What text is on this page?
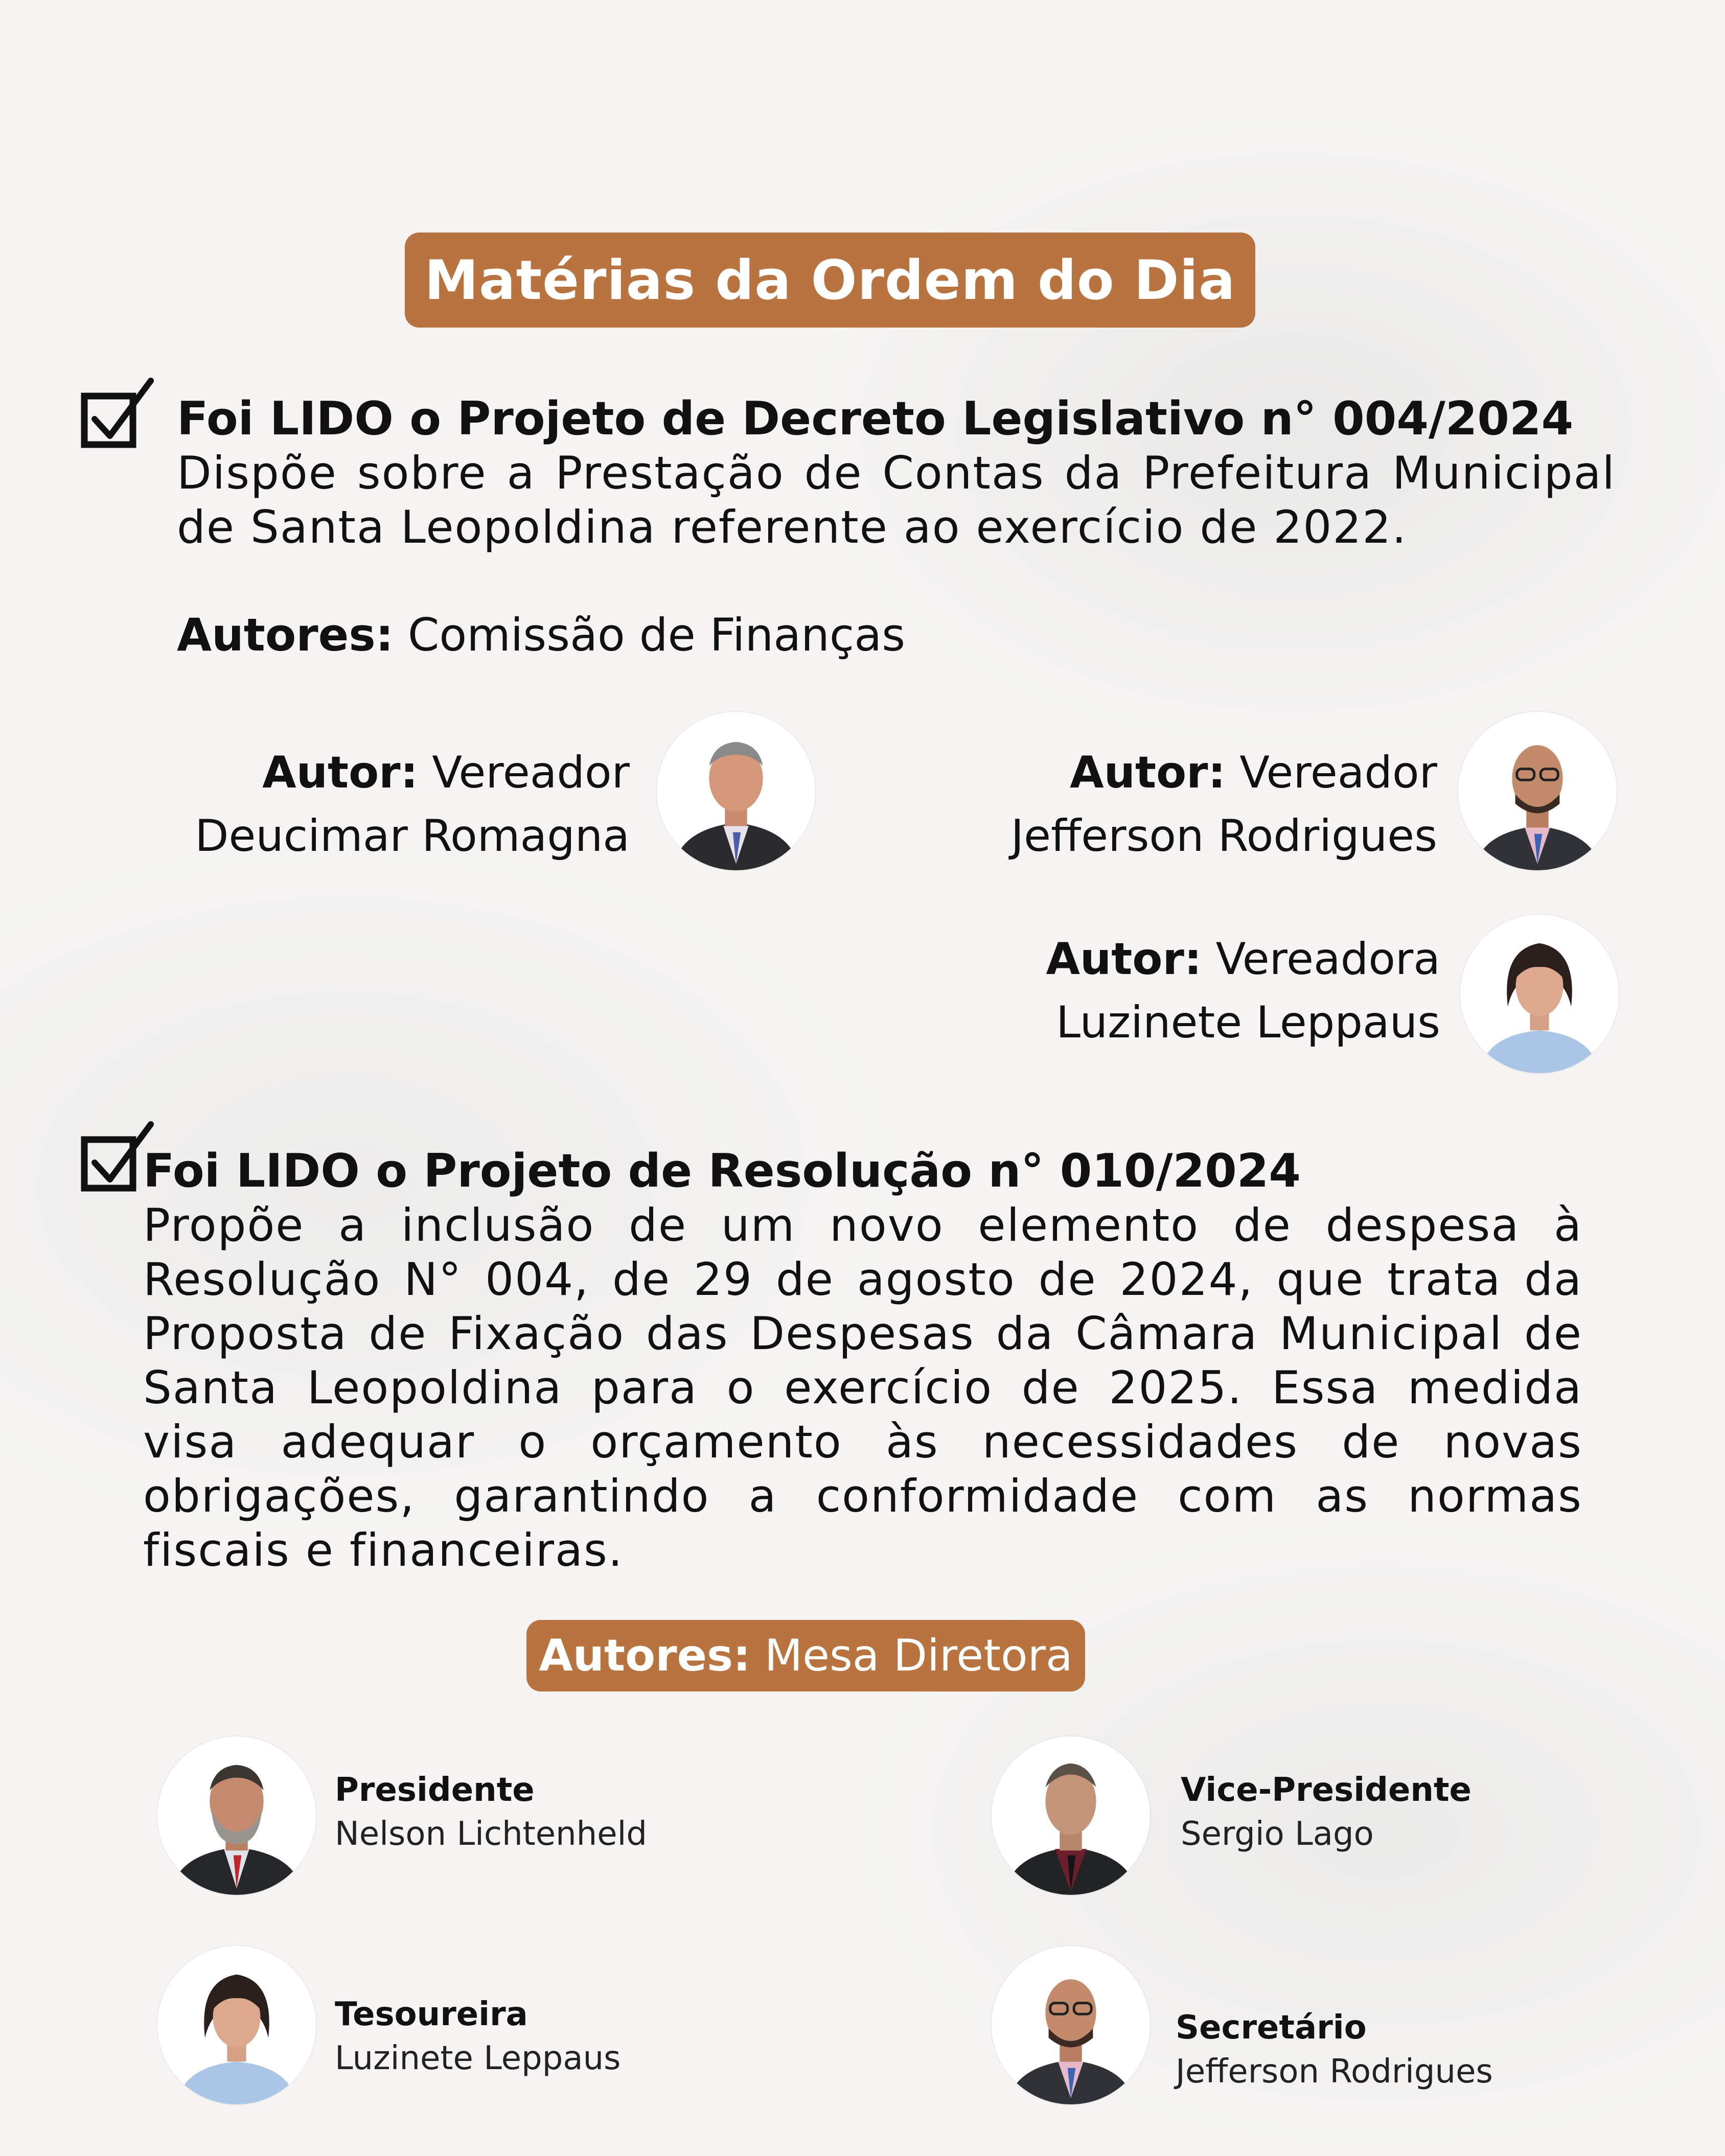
Matérias da Ordem do Dia
Foi LIDO o Projeto de Decreto Legislativo n° 004/2024
Dispõe sobre a Prestação de Contas da Prefeitura Municipal de Santa Leopoldina referente ao exercício de 2022.
Autores: Comissão de Finanças
Autor: Vereador
Deucimar Romagna
Autor: Vereador
Jefferson Rodrigues
Autor: Vereadora
Luzinete Leppaus
Foi LIDO o Projeto de Resolução n° 010/2024
Propõe a inclusão de um novo elemento de despesa à Resolução N° 004, de 29 de agosto de 2024, que trata da Proposta de Fixação das Despesas da Câmara Municipal de Santa Leopoldina para o exercício de 2025. Essa medida visa adequar o orçamento às necessidades de novas obrigações, garantindo a conformidade com as normas fiscais e financeiras.
Autores: Mesa Diretora
Presidente
Nelson Lichtenheld
Vice-Presidente
Sergio Lago
Tesoureira
Luzinete Leppaus
Secretário
Jefferson Rodrigues
